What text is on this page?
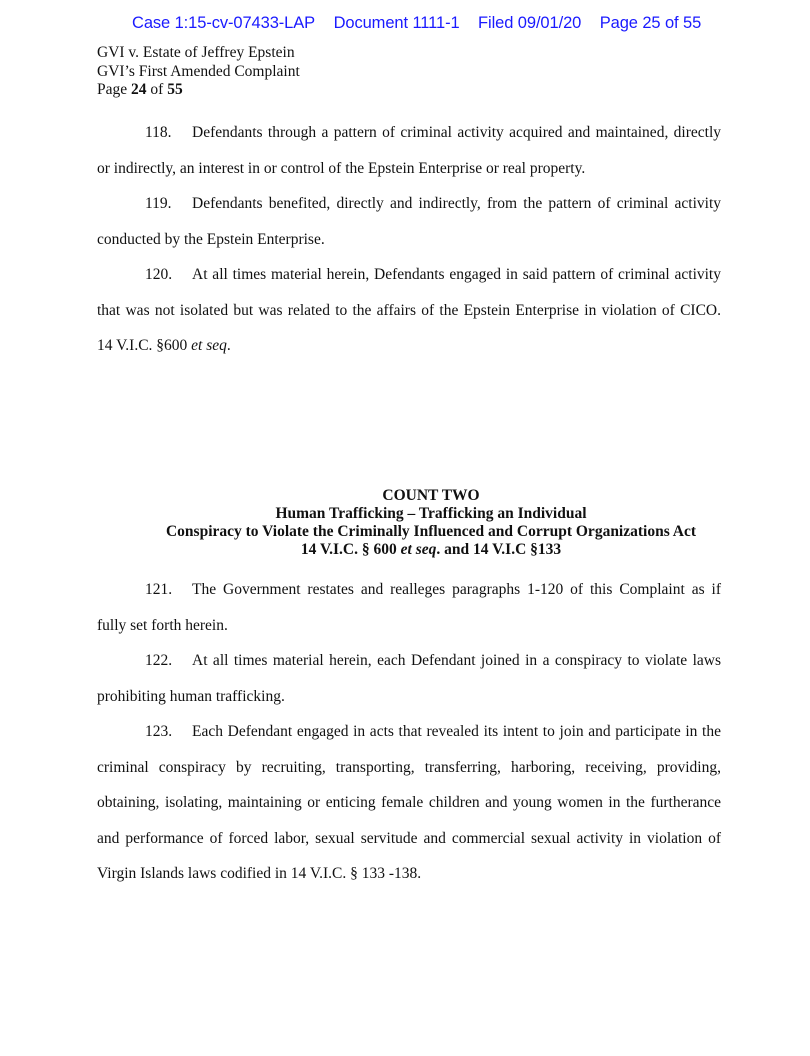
Case 1:15-cv-07433-LAP Document 1111-1 Filed 09/01/20 Page 25 of 55
GVI v. Estate of Jeffrey Epstein
GVI’s First Amended Complaint
Page 24 of 55
118. Defendants through a pattern of criminal activity acquired and maintained, directly
or indirectly, an interest in or control of the Epstein Enterprise or real property.
119. Defendants benefited, directly and indirectly, from the pattern of criminal activity
conducted by the Epstein Enterprise.
120. At all times material herein, Defendants engaged in said pattern of criminal activity
that was not isolated but was related to the affairs of the Epstein Enterprise in violation of CICO.
14 V.I.C. §600 et seq.
COUNT TWO
Human Trafficking – Trafficking an Individual
Conspiracy to Violate the Criminally Influenced and Corrupt Organizations Act
14 V.I.C. § 600 et seq. and 14 V.I.C §133
121. The Government restates and realleges paragraphs 1-120 of this Complaint as if
fully set forth herein.
122. At all times material herein, each Defendant joined in a conspiracy to violate laws
prohibiting human trafficking.
123. Each Defendant engaged in acts that revealed its intent to join and participate in the
criminal conspiracy by recruiting, transporting, transferring, harboring, receiving, providing,
obtaining, isolating, maintaining or enticing female children and young women in the furtherance
and performance of forced labor, sexual servitude and commercial sexual activity in violation of
Virgin Islands laws codified in 14 V.I.C. § 133 -138.
